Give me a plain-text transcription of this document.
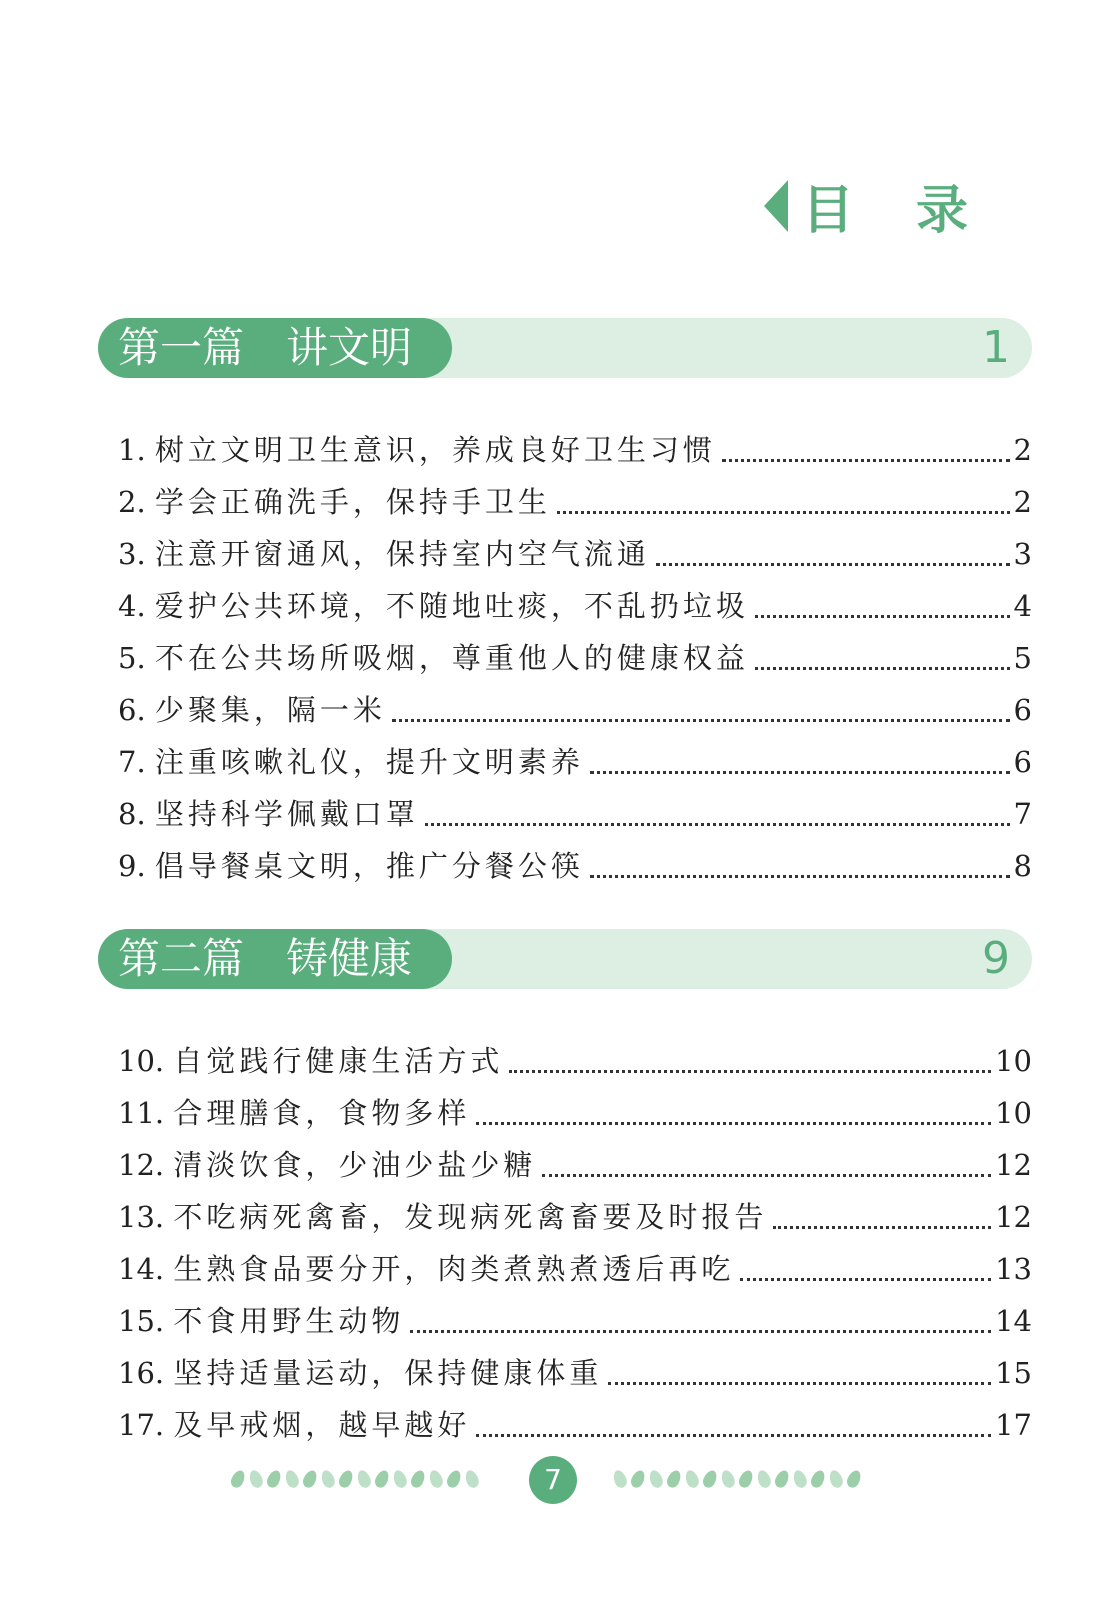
目 录
第一篇　讲文明	1
1. 树立文明卫生意识，养成良好卫生习惯	2
2. 学会正确洗手，保持手卫生	2
3. 注意开窗通风，保持室内空气流通	3
4. 爱护公共环境，不随地吐痰，不乱扔垃圾	4
5. 不在公共场所吸烟，尊重他人的健康权益	5
6. 少聚集，隔一米	6
7. 注重咳嗽礼仪，提升文明素养	6
8. 坚持科学佩戴口罩	7
9. 倡导餐桌文明，推广分餐公筷	8
第二篇　铸健康	9
10. 自觉践行健康生活方式	10
11. 合理膳食，食物多样	10
12. 清淡饮食，少油少盐少糖	12
13. 不吃病死禽畜，发现病死禽畜要及时报告	12
14. 生熟食品要分开，肉类煮熟煮透后再吃	13
15. 不食用野生动物	14
16. 坚持适量运动，保持健康体重	15
17. 及早戒烟，越早越好	17
7
